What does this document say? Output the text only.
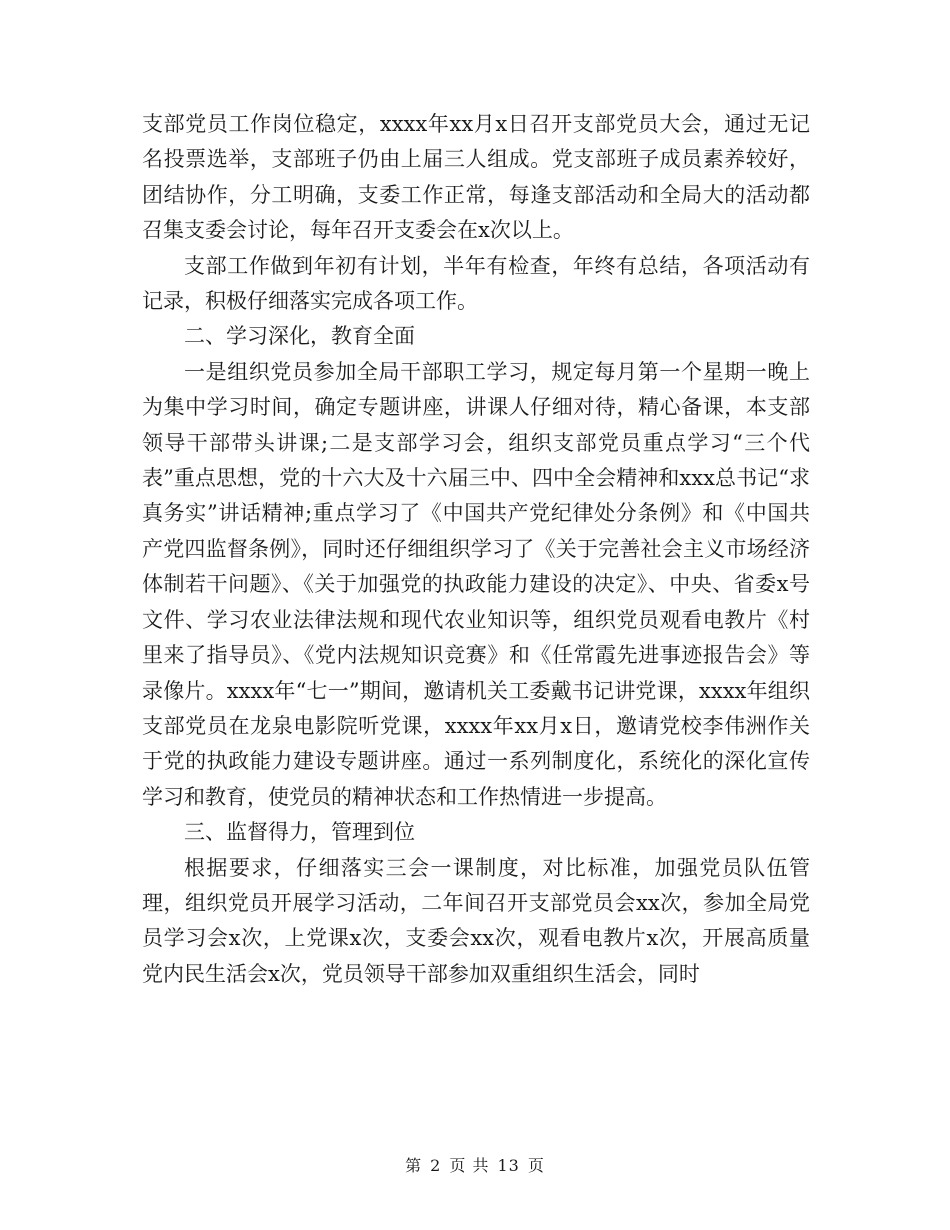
支部党员工作岗位稳定，xxxx年xx月x日召开支部党员大会，通过无记名投票选举，支部班子仍由上届三人组成。党支部班子成员素养较好，团结协作，分工明确，支委工作正常，每逢支部活动和全局大的活动都召集支委会讨论，每年召开支委会在x次以上。

支部工作做到年初有计划，半年有检查，年终有总结，各项活动有记录，积极仔细落实完成各项工作。

二、学习深化，教育全面

一是组织党员参加全局干部职工学习，规定每月第一个星期一晚上为集中学习时间，确定专题讲座，讲课人仔细对待，精心备课，本支部领导干部带头讲课;二是支部学习会，组织支部党员重点学习“三个代表”重点思想，党的十六大及十六届三中、四中全会精神和xxx总书记“求真务实”讲话精神;重点学习了《中国共产党纪律处分条例》和《中国共产党四监督条例》，同时还仔细组织学习了《关于完善社会主义市场经济体制若干问题》、《关于加强党的执政能力建设的决定》、中央、省委x号文件、学习农业法律法规和现代农业知识等，组织党员观看电教片《村里来了指导员》、《党内法规知识竞赛》和《任常霞先进事迹报告会》等录像片。xxxx年“七一”期间，邀请机关工委戴书记讲党课，xxxx年组织支部党员在龙泉电影院听党课，xxxx年xx月x日，邀请党校李伟洲作关于党的执政能力建设专题讲座。通过一系列制度化，系统化的深化宣传学习和教育，使党员的精神状态和工作热情进一步提高。

三、监督得力，管理到位

根据要求，仔细落实三会一课制度，对比标准，加强党员队伍管理，组织党员开展学习活动，二年间召开支部党员会xx次，参加全局党员学习会x次，上党课x次，支委会xx次，观看电教片x次，开展高质量党内民生活会x次，党员领导干部参加双重组织生活会，同时

第 2 页 共 13 页
